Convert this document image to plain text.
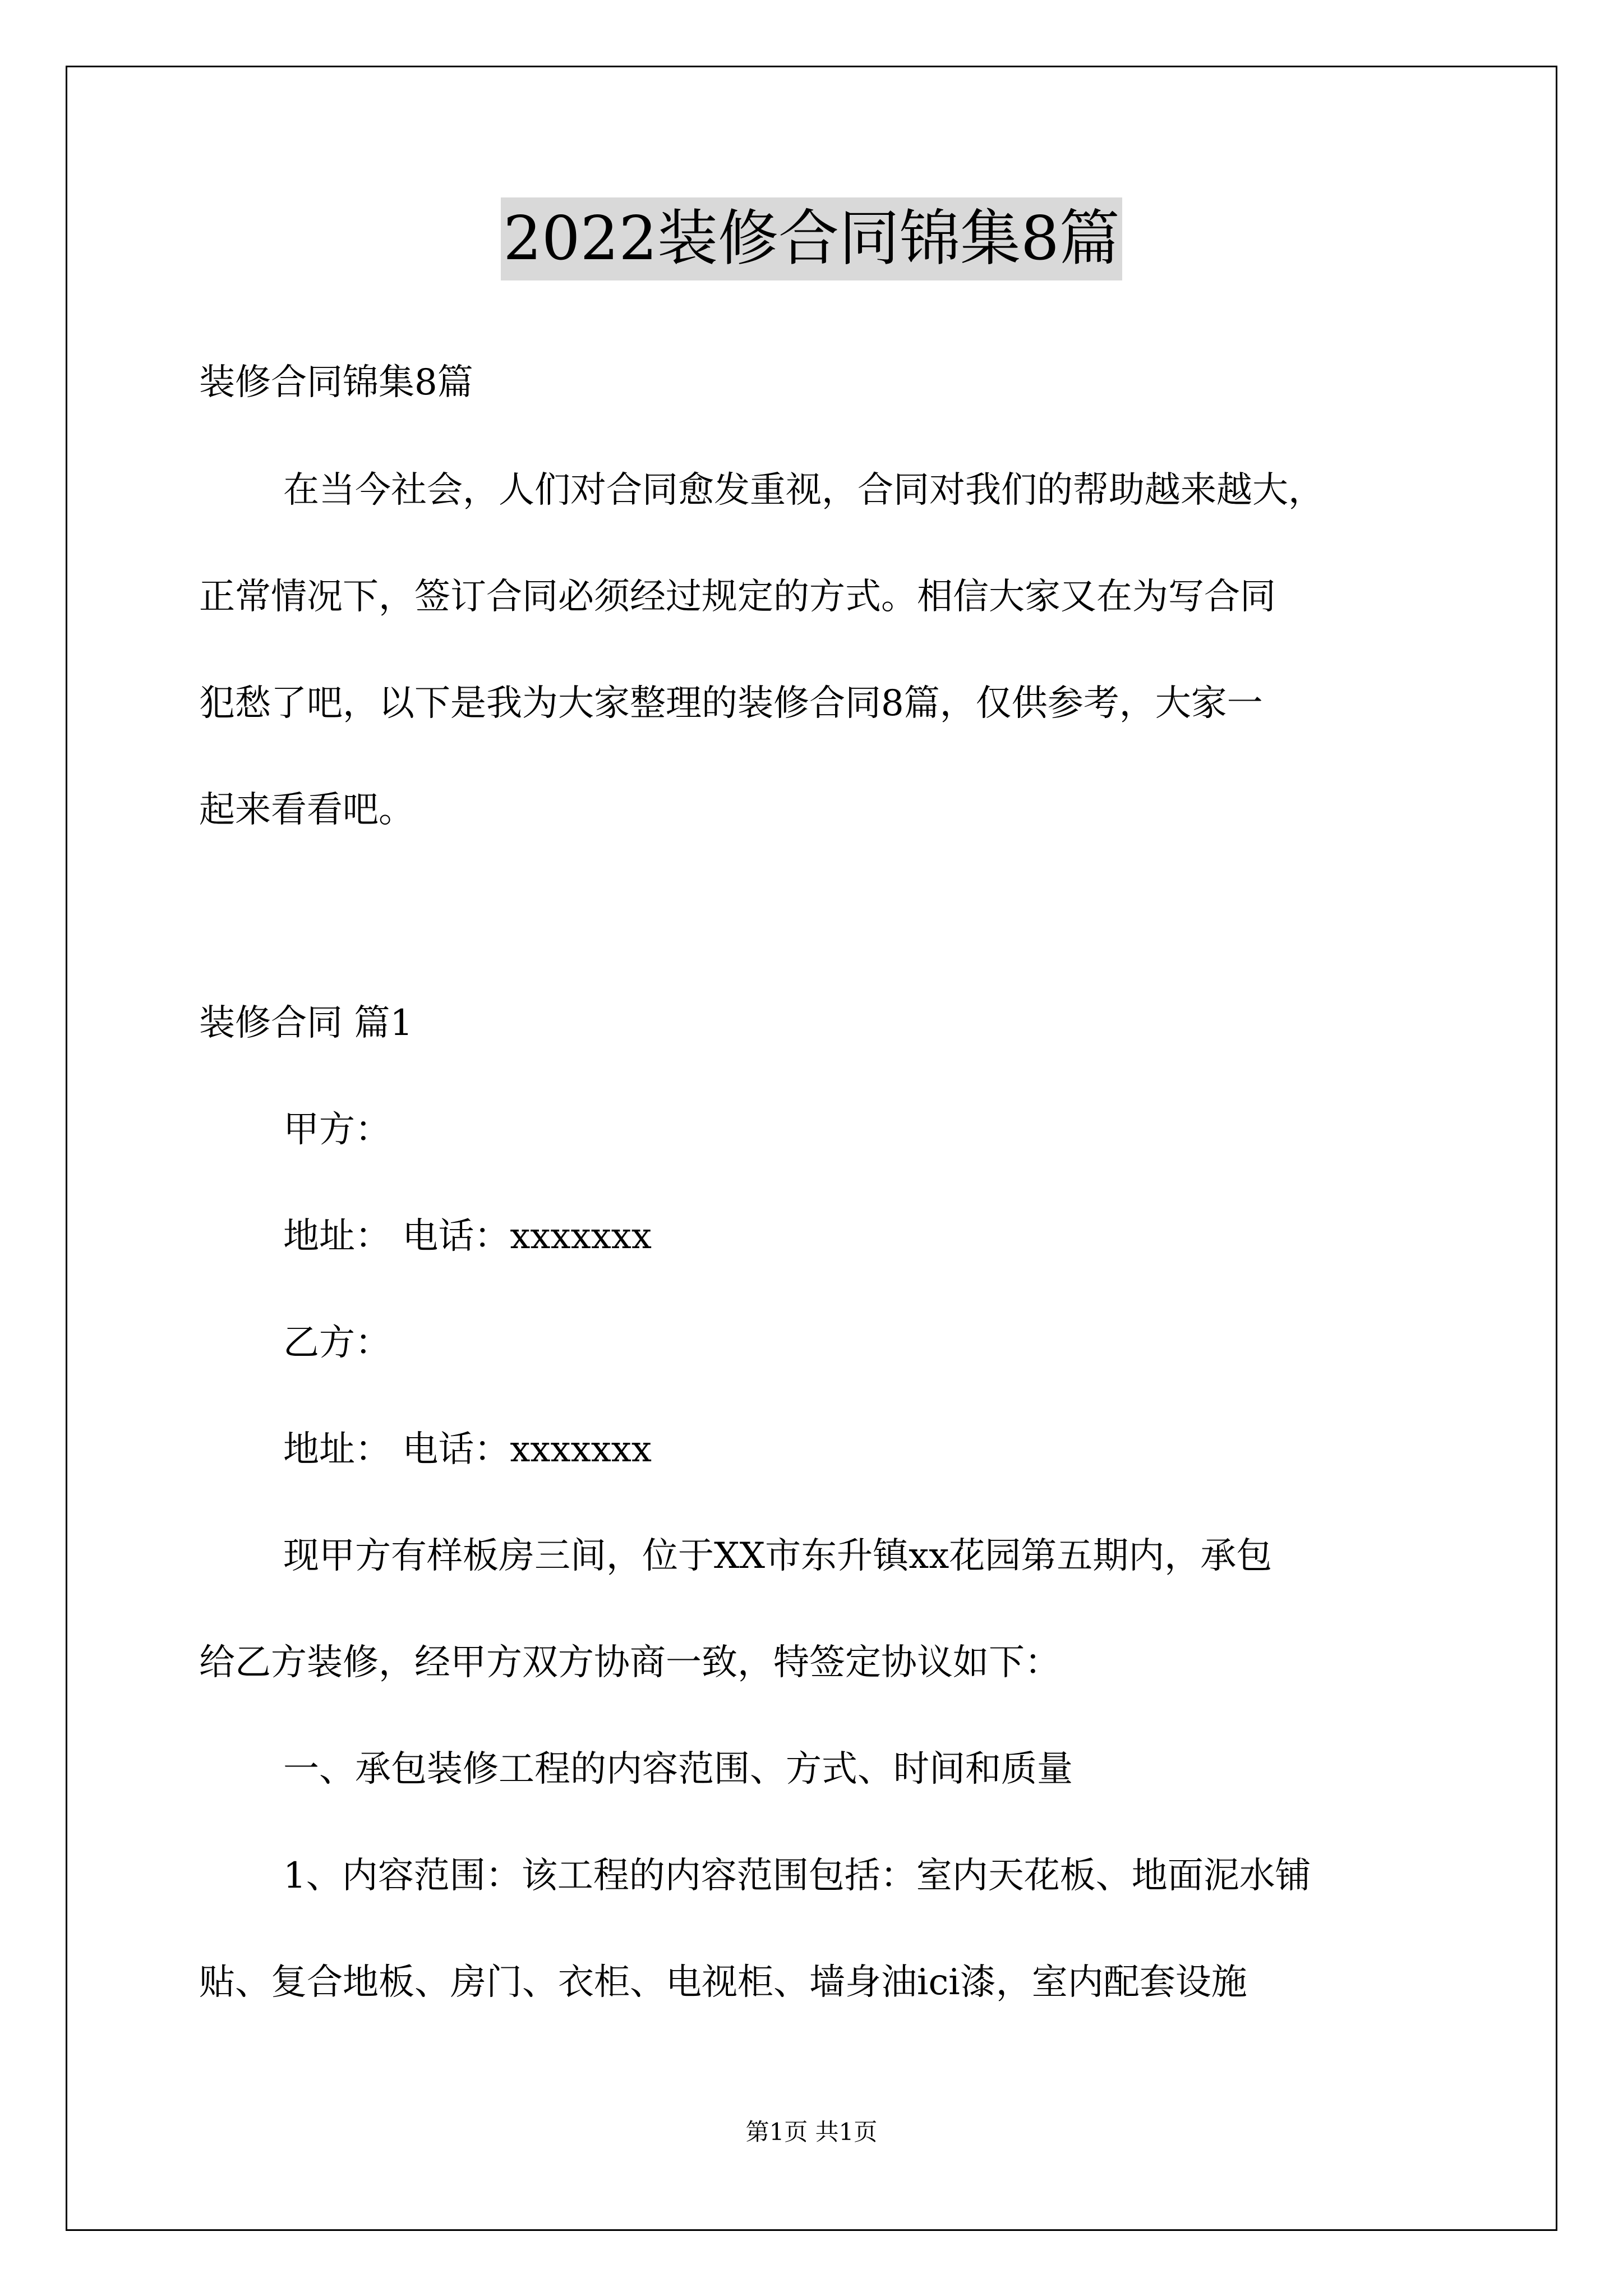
2022装修合同锦集8篇
装修合同锦集8篇
在当今社会，人们对合同愈发重视，合同对我们的帮助越来越大，
正常情况下，签订合同必须经过规定的方式。相信大家又在为写合同
犯愁了吧，以下是我为大家整理的装修合同8篇，仅供参考，大家一
起来看看吧。
装修合同 篇1
甲方：
地址： 电话：xxxxxxx
乙方：
地址： 电话：xxxxxxx
现甲方有样板房三间，位于XX市东升镇xx花园第五期内，承包
给乙方装修，经甲方双方协商一致，特签定协议如下：
一、承包装修工程的内容范围、方式、时间和质量
1、内容范围：该工程的内容范围包括：室内天花板、地面泥水铺
贴、复合地板、房门、衣柜、电视柜、墙身油ici漆，室内配套设施
第1页 共1页
